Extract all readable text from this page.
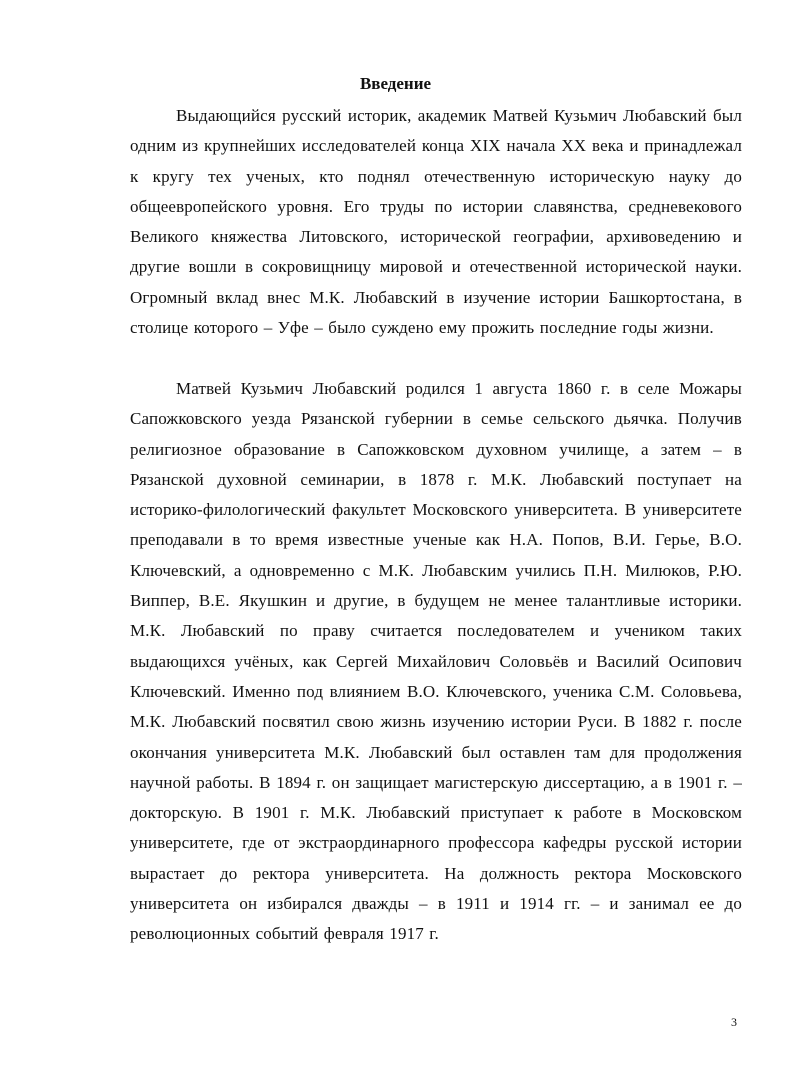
Введение

Выдающийся русский историк, академик Матвей Кузьмич Любавский был одним из крупнейших исследователей конца XIX начала XX века и принадлежал к кругу тех ученых, кто поднял отечественную историческую науку до общеевропейского уровня. Его труды по истории славянства, средневекового Великого княжества Литовского, исторической географии, архивоведению и другие вошли в сокровищницу мировой и отечественной исторической науки. Огромный вклад внес М.К. Любавский в изучение истории Башкортостана, в столице которого – Уфе – было суждено ему прожить последние годы жизни.

Матвей Кузьмич Любавский родился 1 августа 1860 г. в селе Можары Сапожковского уезда Рязанской губернии в семье сельского дьячка. Получив религиозное образование в Сапожковском духовном училище, а затем – в Рязанской духовной семинарии, в 1878 г. М.К. Любавский поступает на историко-филологический факультет Московского университета. В университете преподавали в то время известные ученые как Н.А. Попов, В.И. Герье, В.О. Ключевский, а одновременно с М.К. Любавским учились П.Н. Милюков, Р.Ю. Виппер, В.Е. Якушкин и другие, в будущем не менее талантливые историки. М.К. Любавский по праву считается последователем и учеником таких выдающихся учёных, как Сергей Михайлович Соловьёв и Василий Осипович Ключевский. Именно под влиянием В.О. Ключевского, ученика С.М. Соловьева, М.К. Любавский посвятил свою жизнь изучению истории Руси. В 1882 г. после окончания университета М.К. Любавский был оставлен там для продолжения научной работы. В 1894 г. он защищает магистерскую диссертацию, а в 1901 г. – докторскую. В 1901 г. М.К. Любавский приступает к работе в Московском университете, где от экстраординарного профессора кафедры русской истории вырастает до ректора университета. На должность ректора Московского университета он избирался дважды – в 1911 и 1914 гг. – и занимал ее до революционных событий февраля 1917 г.

3
